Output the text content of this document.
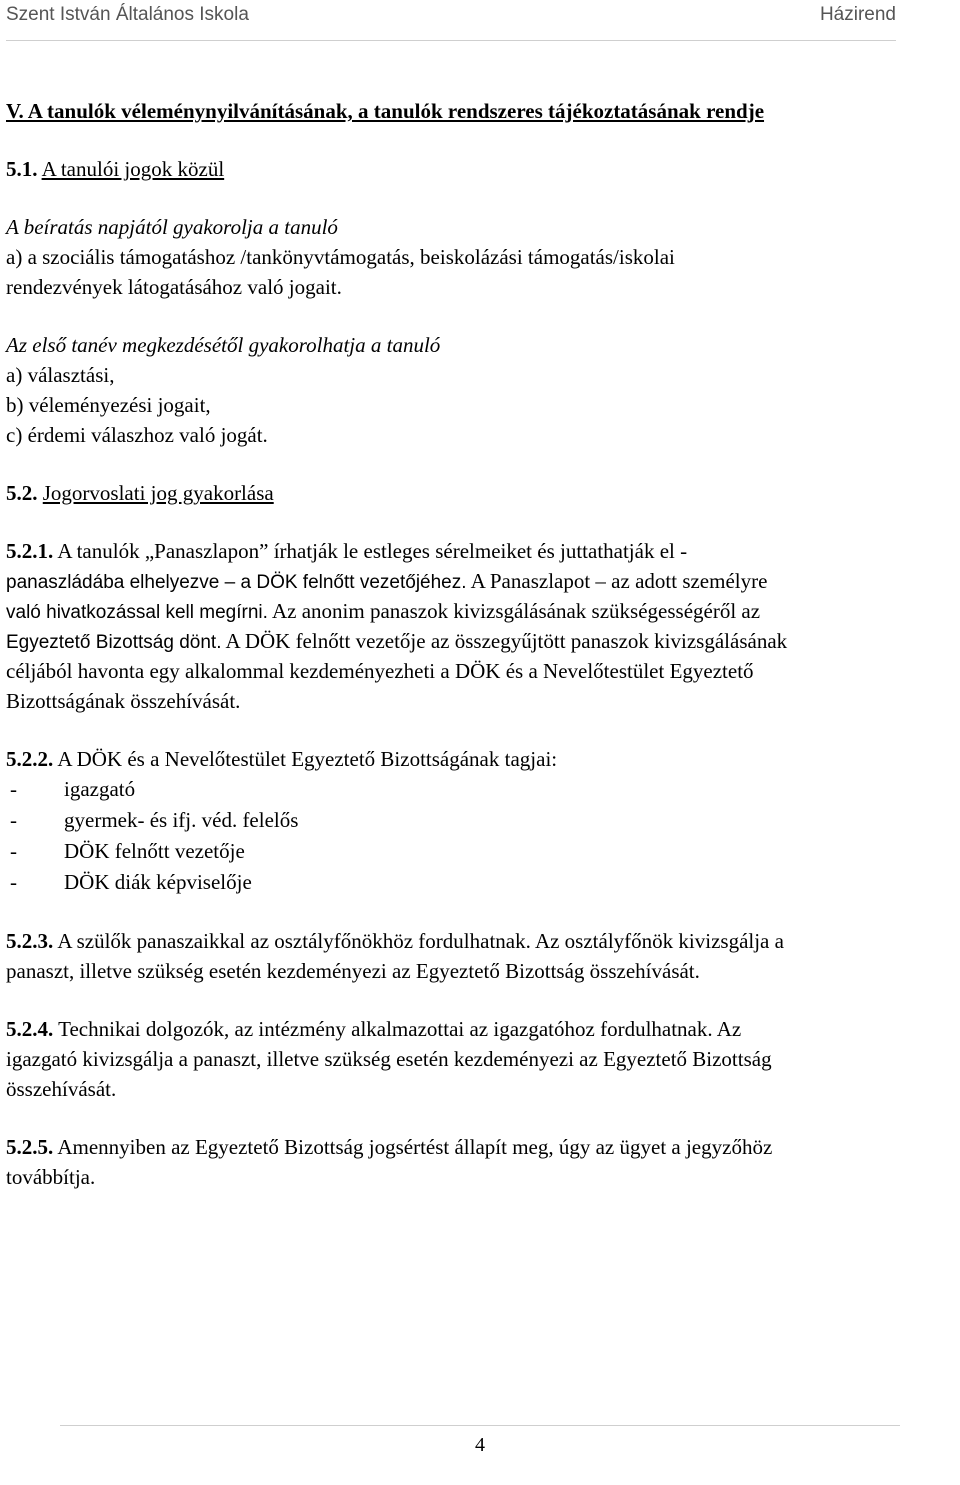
Szent István Általános Iskola	Házirend
V. A tanulók véleménynyilvánításának, a tanulók rendszeres tájékoztatásának rendje
5.1. A tanulói jogok közül
A beíratás napjától gyakorolja a tanuló
a) a szociális támogatáshoz /tankönyvtámogatás, beiskolázási támogatás/iskolai
rendezvények látogatásához való jogait.
Az első tanév megkezdésétől gyakorolhatja a tanuló
a) választási,
b) véleményezési jogait,
c) érdemi válaszhoz való jogát.
5.2. Jogorvoslati jog gyakorlása
5.2.1. A tanulók „Panaszlapon” írhatják le estleges sérelmeiket és juttathatják el -
panaszládába elhelyezve – a DÖK felnőtt vezetőjéhez. A Panaszlapot – az adott személyre
való hivatkozással kell megírni. Az anonim panaszok kivizsgálásának szükségességéről az
Egyeztető Bizottság dönt. A DÖK felnőtt vezetője az összegyűjtött panaszok kivizsgálásának
céljából havonta egy alkalommal kezdeményezheti a DÖK és a Nevelőtestület Egyeztető
Bizottságának összehívását.
5.2.2. A DÖK és a Nevelőtestület Egyeztető Bizottságának tagjai:
- igazgató
- gyermek- és ifj. véd. felelős
- DÖK felnőtt vezetője
- DÖK diák képviselője
5.2.3. A szülők panaszaikkal az osztályfőnökhöz fordulhatnak. Az osztályfőnök kivizsgálja a
panaszt, illetve szükség esetén kezdeményezi az Egyeztető Bizottság összehívását.
5.2.4. Technikai dolgozók, az intézmény alkalmazottai az igazgatóhoz fordulhatnak. Az
igazgató kivizsgálja a panaszt, illetve szükség esetén kezdeményezi az Egyeztető Bizottság
összehívását.
5.2.5. Amennyiben az Egyeztető Bizottság jogsértést állapít meg, úgy az ügyet a jegyzőhöz
továbbítja.
4
